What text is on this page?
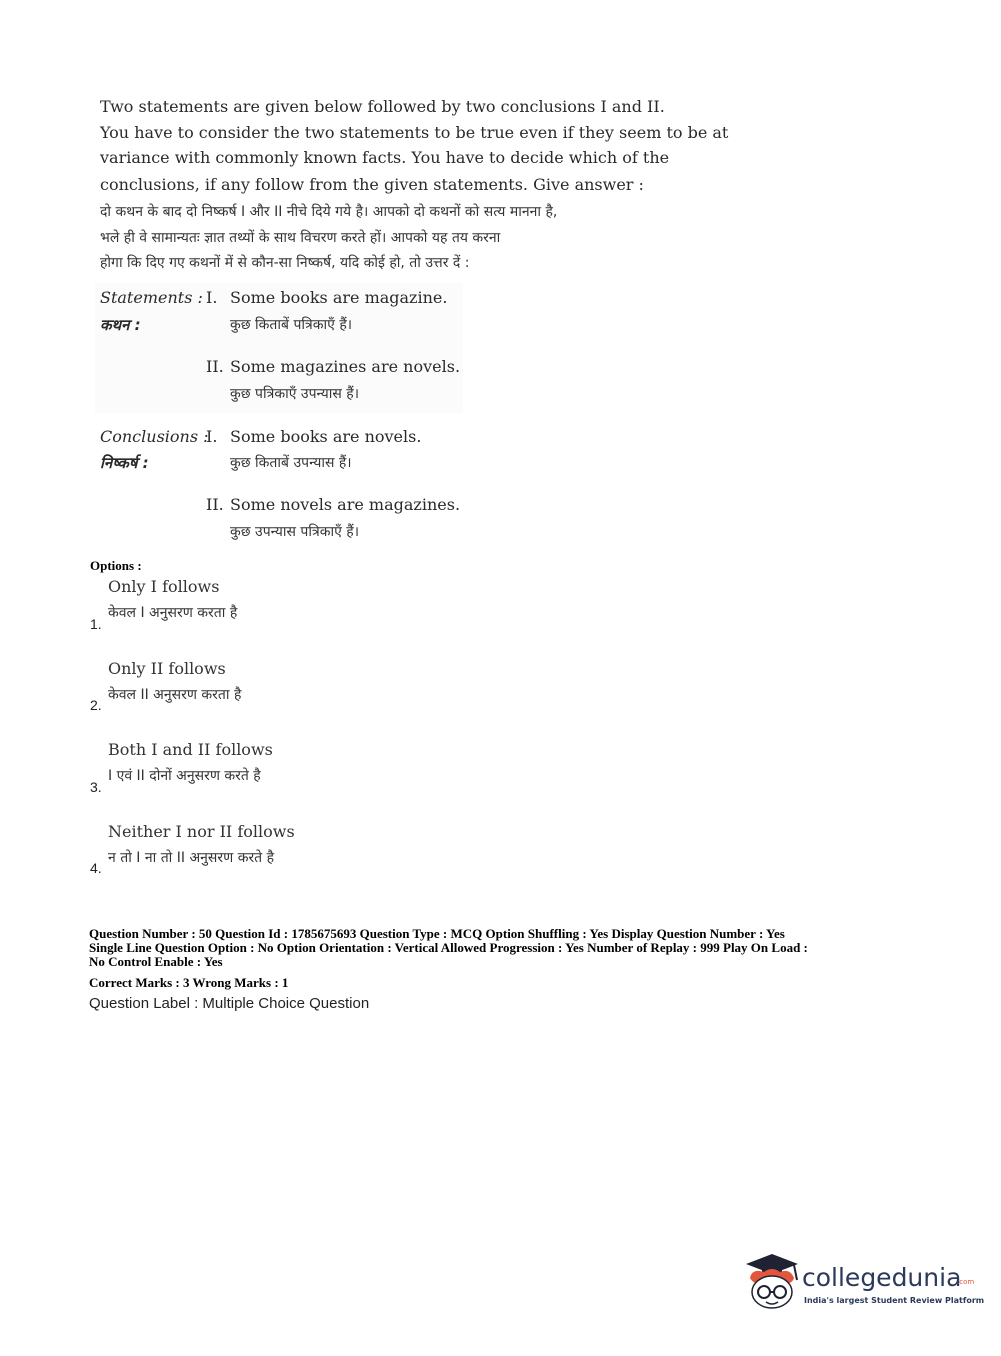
Two statements are given below followed by two conclusions I and II.
You have to consider the two statements to be true even if they seem to be at
variance with commonly known facts. You have to decide which of the
conclusions, if any follow from the given statements. Give answer :
दो कथन के बाद दो निष्कर्ष I और II नीचे दिये गये है। आपको दो कथनों को सत्य मानना है,
भले ही वे सामान्यतः ज्ञात तथ्यों के साथ विचरण करते हों। आपको यह तय करना
होगा कि दिए गए कथनों में से कौन-सा निष्कर्ष, यदि कोई हो, तो उत्तर दें :
Statements :
कथन :
I. Some books are magazine.
कुछ किताबें पत्रिकाएँ हैं।
II. Some magazines are novels.
कुछ पत्रिकाएँ उपन्यास हैं।
Conclusions :
निष्कर्ष :
I. Some books are novels.
कुछ किताबें उपन्यास हैं।
II. Some novels are magazines.
कुछ उपन्यास पत्रिकाएँ हैं।
Options :
Only I follows
केवल I अनुसरण करता है
1.
Only II follows
केवल II अनुसरण करता है
2.
Both I and II follows
I एवं II दोनों अनुसरण करते है
3.
Neither I nor II follows
न तो I ना तो II अनुसरण करते है
4.
Question Number : 50 Question Id : 1785675693 Question Type : MCQ Option Shuffling : Yes Display Question Number : Yes
Single Line Question Option : No Option Orientation : Vertical Allowed Progression : Yes Number of Replay : 999 Play On Load :
No Control Enable : Yes
Correct Marks : 3 Wrong Marks : 1
Question Label : Multiple Choice Question
collegedunia
.com
India's largest Student Review Platform
